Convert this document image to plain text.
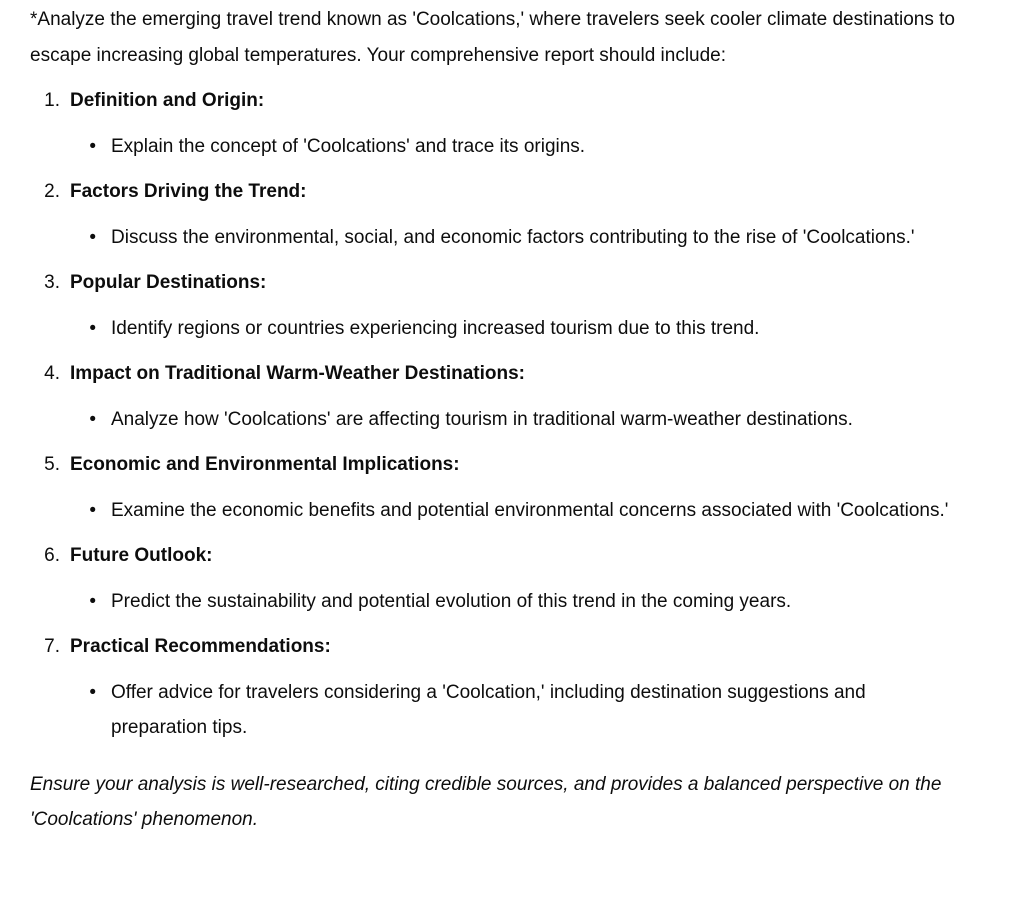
*Analyze the emerging travel trend known as 'Coolcations,' where travelers seek cooler climate destinations to escape increasing global temperatures. Your comprehensive report should include:

1. Definition and Origin:
• Explain the concept of 'Coolcations' and trace its origins.
2. Factors Driving the Trend:
• Discuss the environmental, social, and economic factors contributing to the rise of 'Coolcations.'
3. Popular Destinations:
• Identify regions or countries experiencing increased tourism due to this trend.
4. Impact on Traditional Warm-Weather Destinations:
• Analyze how 'Coolcations' are affecting tourism in traditional warm-weather destinations.
5. Economic and Environmental Implications:
• Examine the economic benefits and potential environmental concerns associated with 'Coolcations.'
6. Future Outlook:
• Predict the sustainability and potential evolution of this trend in the coming years.
7. Practical Recommendations:
• Offer advice for travelers considering a 'Coolcation,' including destination suggestions and preparation tips.

Ensure your analysis is well-researched, citing credible sources, and provides a balanced perspective on the 'Coolcations' phenomenon.
